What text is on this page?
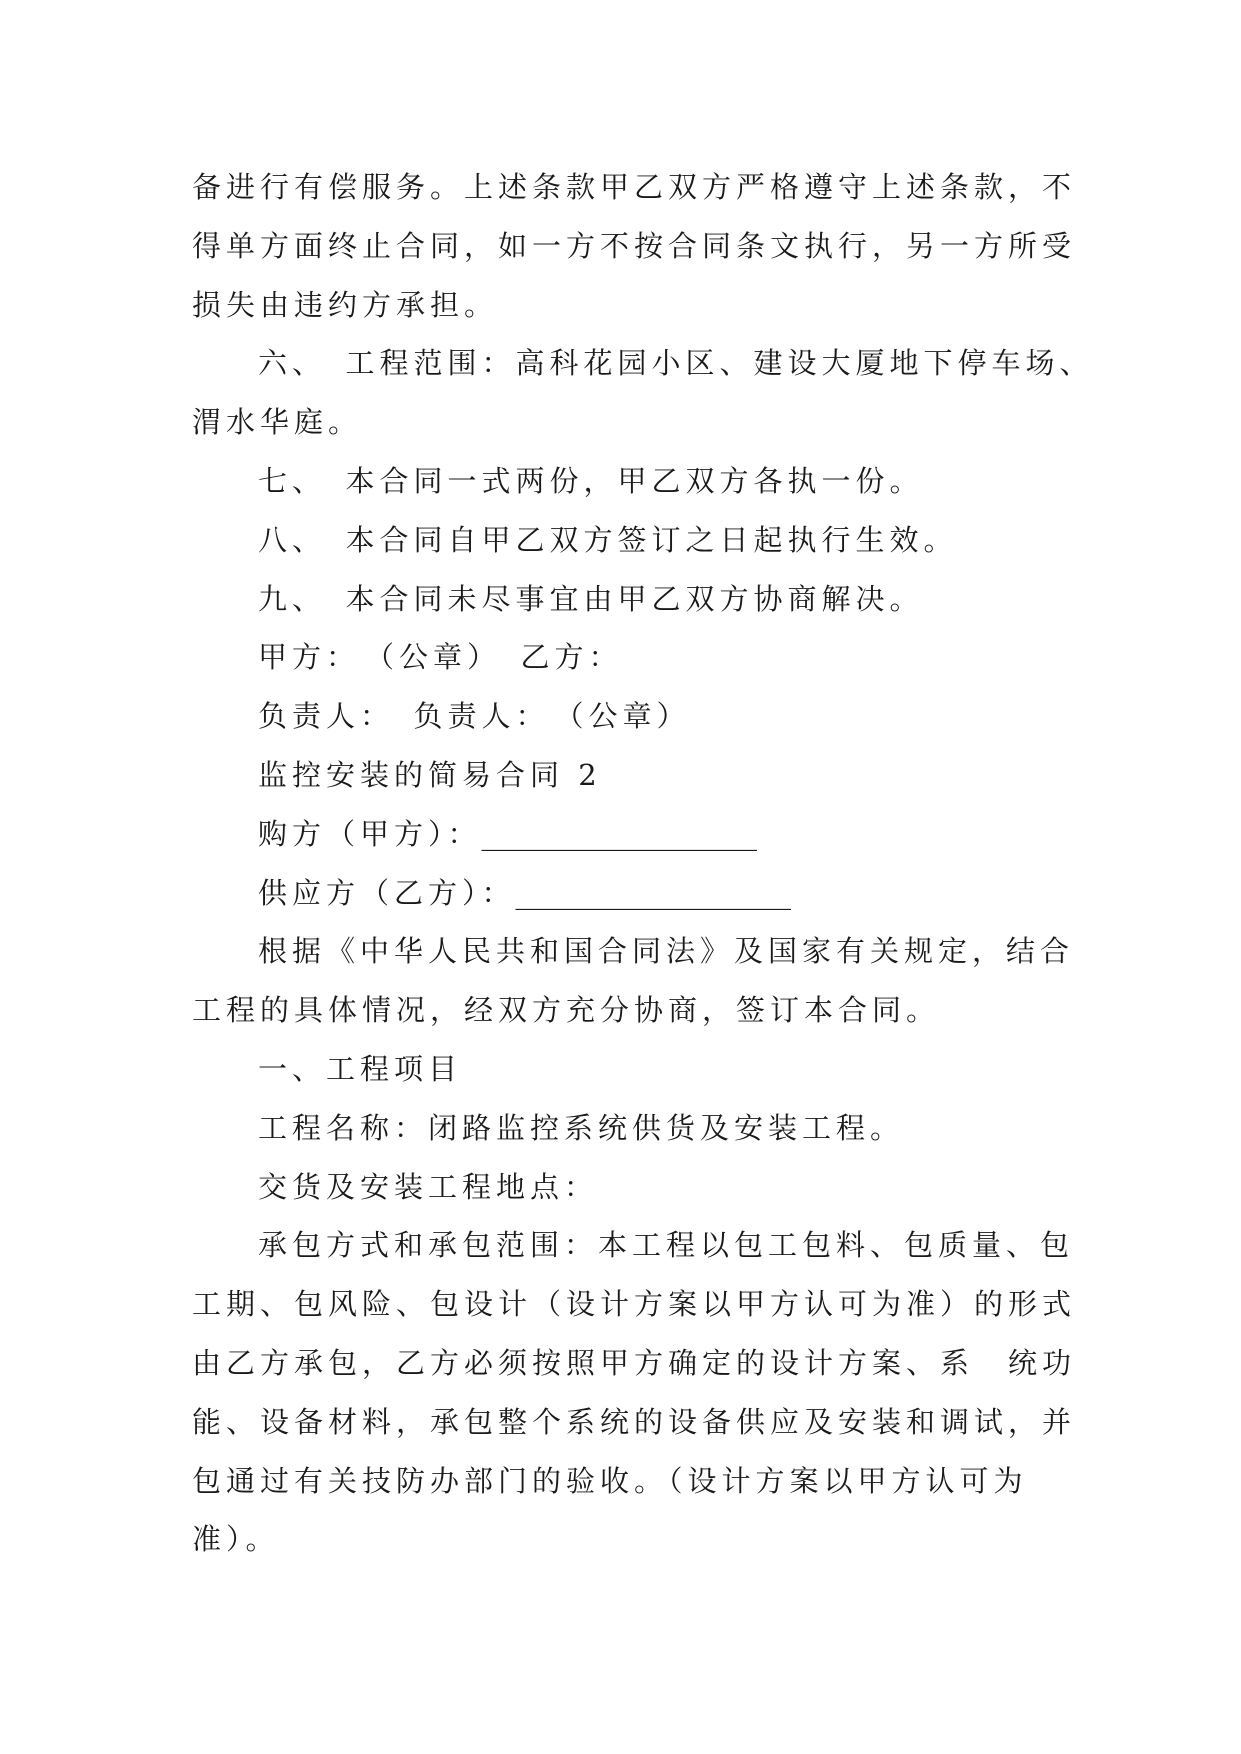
备进行有偿服务。上述条款甲乙双方严格遵守上述条款，不
得单方面终止合同，如一方不按合同条文执行，另一方所受
损失由违约方承担。
六、　工程范围：高科花园小区、建设大厦地下停车场、
渭水华庭。
七、　本合同一式两份，甲乙双方各执一份。
八、　本合同自甲乙双方签订之日起执行生效。
九、　本合同未尽事宜由甲乙双方协商解决。
甲方：　（公章）　乙方：
负责人：　负责人：　（公章）
监控安装的简易合同 2
购方（甲方）：___________________
供应方（乙方）：___________________
根据《中华人民共和国合同法》及国家有关规定，结合
工程的具体情况，经双方充分协商，签订本合同。
一、工程项目
工程名称：闭路监控系统供货及安装工程。
交货及安装工程地点：
承包方式和承包范围：本工程以包工包料、包质量、包
工期、包风险、包设计（设计方案以甲方认可为准）的形式
由乙方承包，乙方必须按照甲方确定的设计方案、系　统功
能、设备材料，承包整个系统的设备供应及安装和调试，并
包通过有关技防办部门的验收。（设计方案以甲方认可为
准）。
